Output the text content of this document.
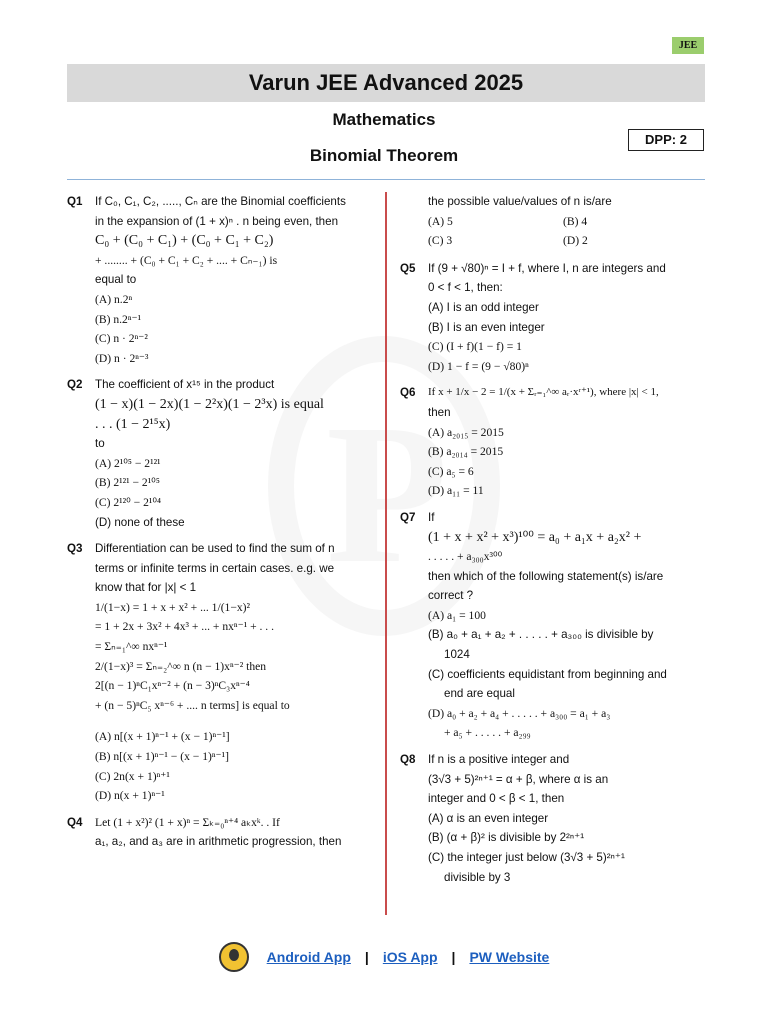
JEE
Varun JEE Advanced 2025
Mathematics
DPP: 2
Binomial Theorem
Q1	If C₀, C₁, C₂, ....., Cₙ are the Binomial coefficients
in the expansion of (1 + x)ⁿ . n being even, then
C₀ + (C₀ + C₁) + (C₀ + C₁ + C₂)
+ ........ + (C₀ + C₁ + C₂ + .... + Cₙ₋₁) is
equal to
(A) n.2ⁿ
(B) n.2ⁿ⁻¹
(C) n · 2ⁿ⁻²
(D) n · 2ⁿ⁻³
Q2	The coefficient of x¹⁵ in the product
(1 − x)(1 − 2x)(1 − 2²x)(1 − 2³x) is equal
. . . (1 − 2¹⁵x)
to
(A) 2¹⁰⁵ − 2¹²¹
(B) 2¹²¹ − 2¹⁰⁵
(C) 2¹²⁰ − 2¹⁰⁴
(D) none of these
Q3	Differentiation can be used to find the sum of n
terms or infinite terms in certain cases. e.g. we
know that for |x| < 1
1/(1−x) = 1 + x + x² + ... 1/(1−x)²
= 1 + 2x + 3x² + 4x³ + ... + nxⁿ⁻¹ + . . .
= Σₙ₌₁^∞ nxⁿ⁻¹
2/(1−x)³ = Σₙ₌₂^∞ n (n − 1)xⁿ⁻² then
2[(n − 1)ⁿC₁xⁿ⁻² + (n − 3)ⁿC₃xⁿ⁻⁴
+ (n − 5)ⁿC₅ xⁿ⁻⁶ + .... n terms] is equal to
(A) n[(x + 1)ⁿ⁻¹ + (x − 1)ⁿ⁻¹]
(B) n[(x + 1)ⁿ⁻¹ − (x − 1)ⁿ⁻¹]
(C) 2n(x + 1)ⁿ⁺¹
(D) n(x + 1)ⁿ⁻¹
Q4	Let (1 + x²)² (1 + x)ⁿ = Σₖ₌₀ⁿ⁺⁴ aₖxᵏ. . If
a₁, a₂, and a₃ are in arithmetic progression, then
the possible value/values of n is/are
(A) 5	(B) 4
(C) 3	(D) 2
Q5	If (9 + √80)ⁿ = I + f, where I, n are integers and
0 < f < 1, then:
(A) I is an odd integer
(B) I is an even integer
(C) (I + f)(1 − f) = 1
(D) 1 − f = (9 − √80)ⁿ
Q6	If x + 1/x − 2 = 1/(x + Σᵣ₌₁^∞ aᵣ·xʳ⁺¹), where |x| < 1,
then
(A) a₂₀₁₅ = 2015
(B) a₂₀₁₄ = 2015
(C) a₅ = 6
(D) a₁₁ = 11
Q7	If
(1 + x + x² + x³)¹⁰⁰ = a₀ + a₁x + a₂x² +
. . . . . + a₃₀₀x³⁰⁰
then which of the following statement(s) is/are
correct ?
(A) a₁ = 100
(B) a₀ + a₁ + a₂ + . . . . . + a₃₀₀ is divisible by
1024
(C) coefficients equidistant from beginning and
end are equal
(D) a₀ + a₂ + a₄ + . . . . . + a₃₀₀ = a₁ + a₃
+ a₅ + . . . . . + a₂₉₉
Q8	If n is a positive integer and
(3√3 + 5)²ⁿ⁺¹ = α + β, where α is an
integer and 0 < β < 1, then
(A) α is an even integer
(B) (α + β)² is divisible by 2²ⁿ⁺¹
(C) the integer just below (3√3 + 5)²ⁿ⁺¹
divisible by 3
Android App | iOS App | PW Website
